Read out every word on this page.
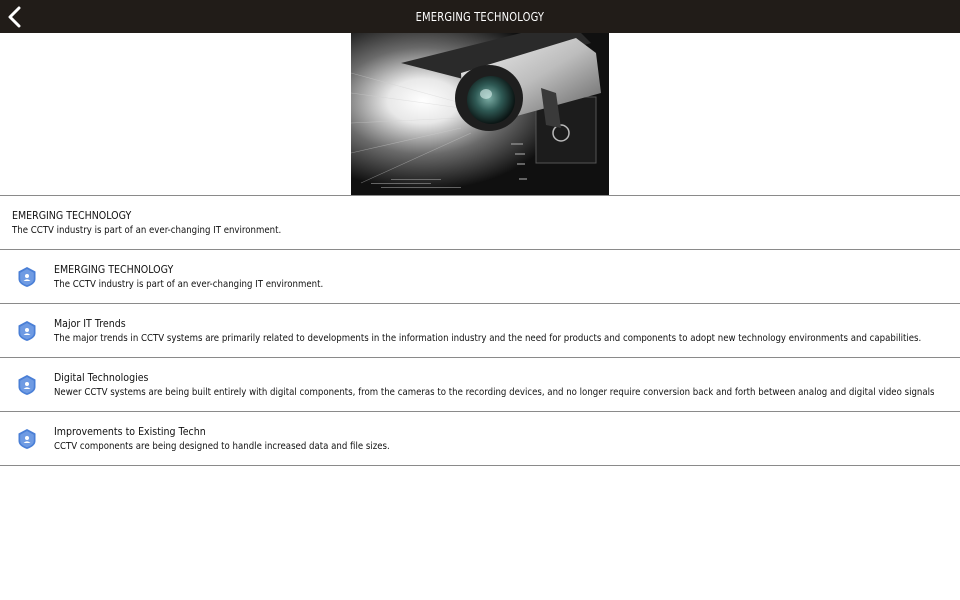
EMERGING TECHNOLOGY
EMERGING TECHNOLOGY
The CCTV industry is part of an ever-changing IT environment.
EMERGING TECHNOLOGY
The CCTV industry is part of an ever-changing IT environment.
Major IT Trends
The major trends in CCTV systems are primarily related to developments in the information industry and the need for products and components to adopt new technology environments and capabilities.
Digital Technologies
Newer CCTV systems are being built entirely with digital components, from the cameras to the recording devices, and no longer require conversion back and forth between analog and digital video signals
Improvements to Existing Techn
CCTV components are being designed to handle increased data and file sizes.
